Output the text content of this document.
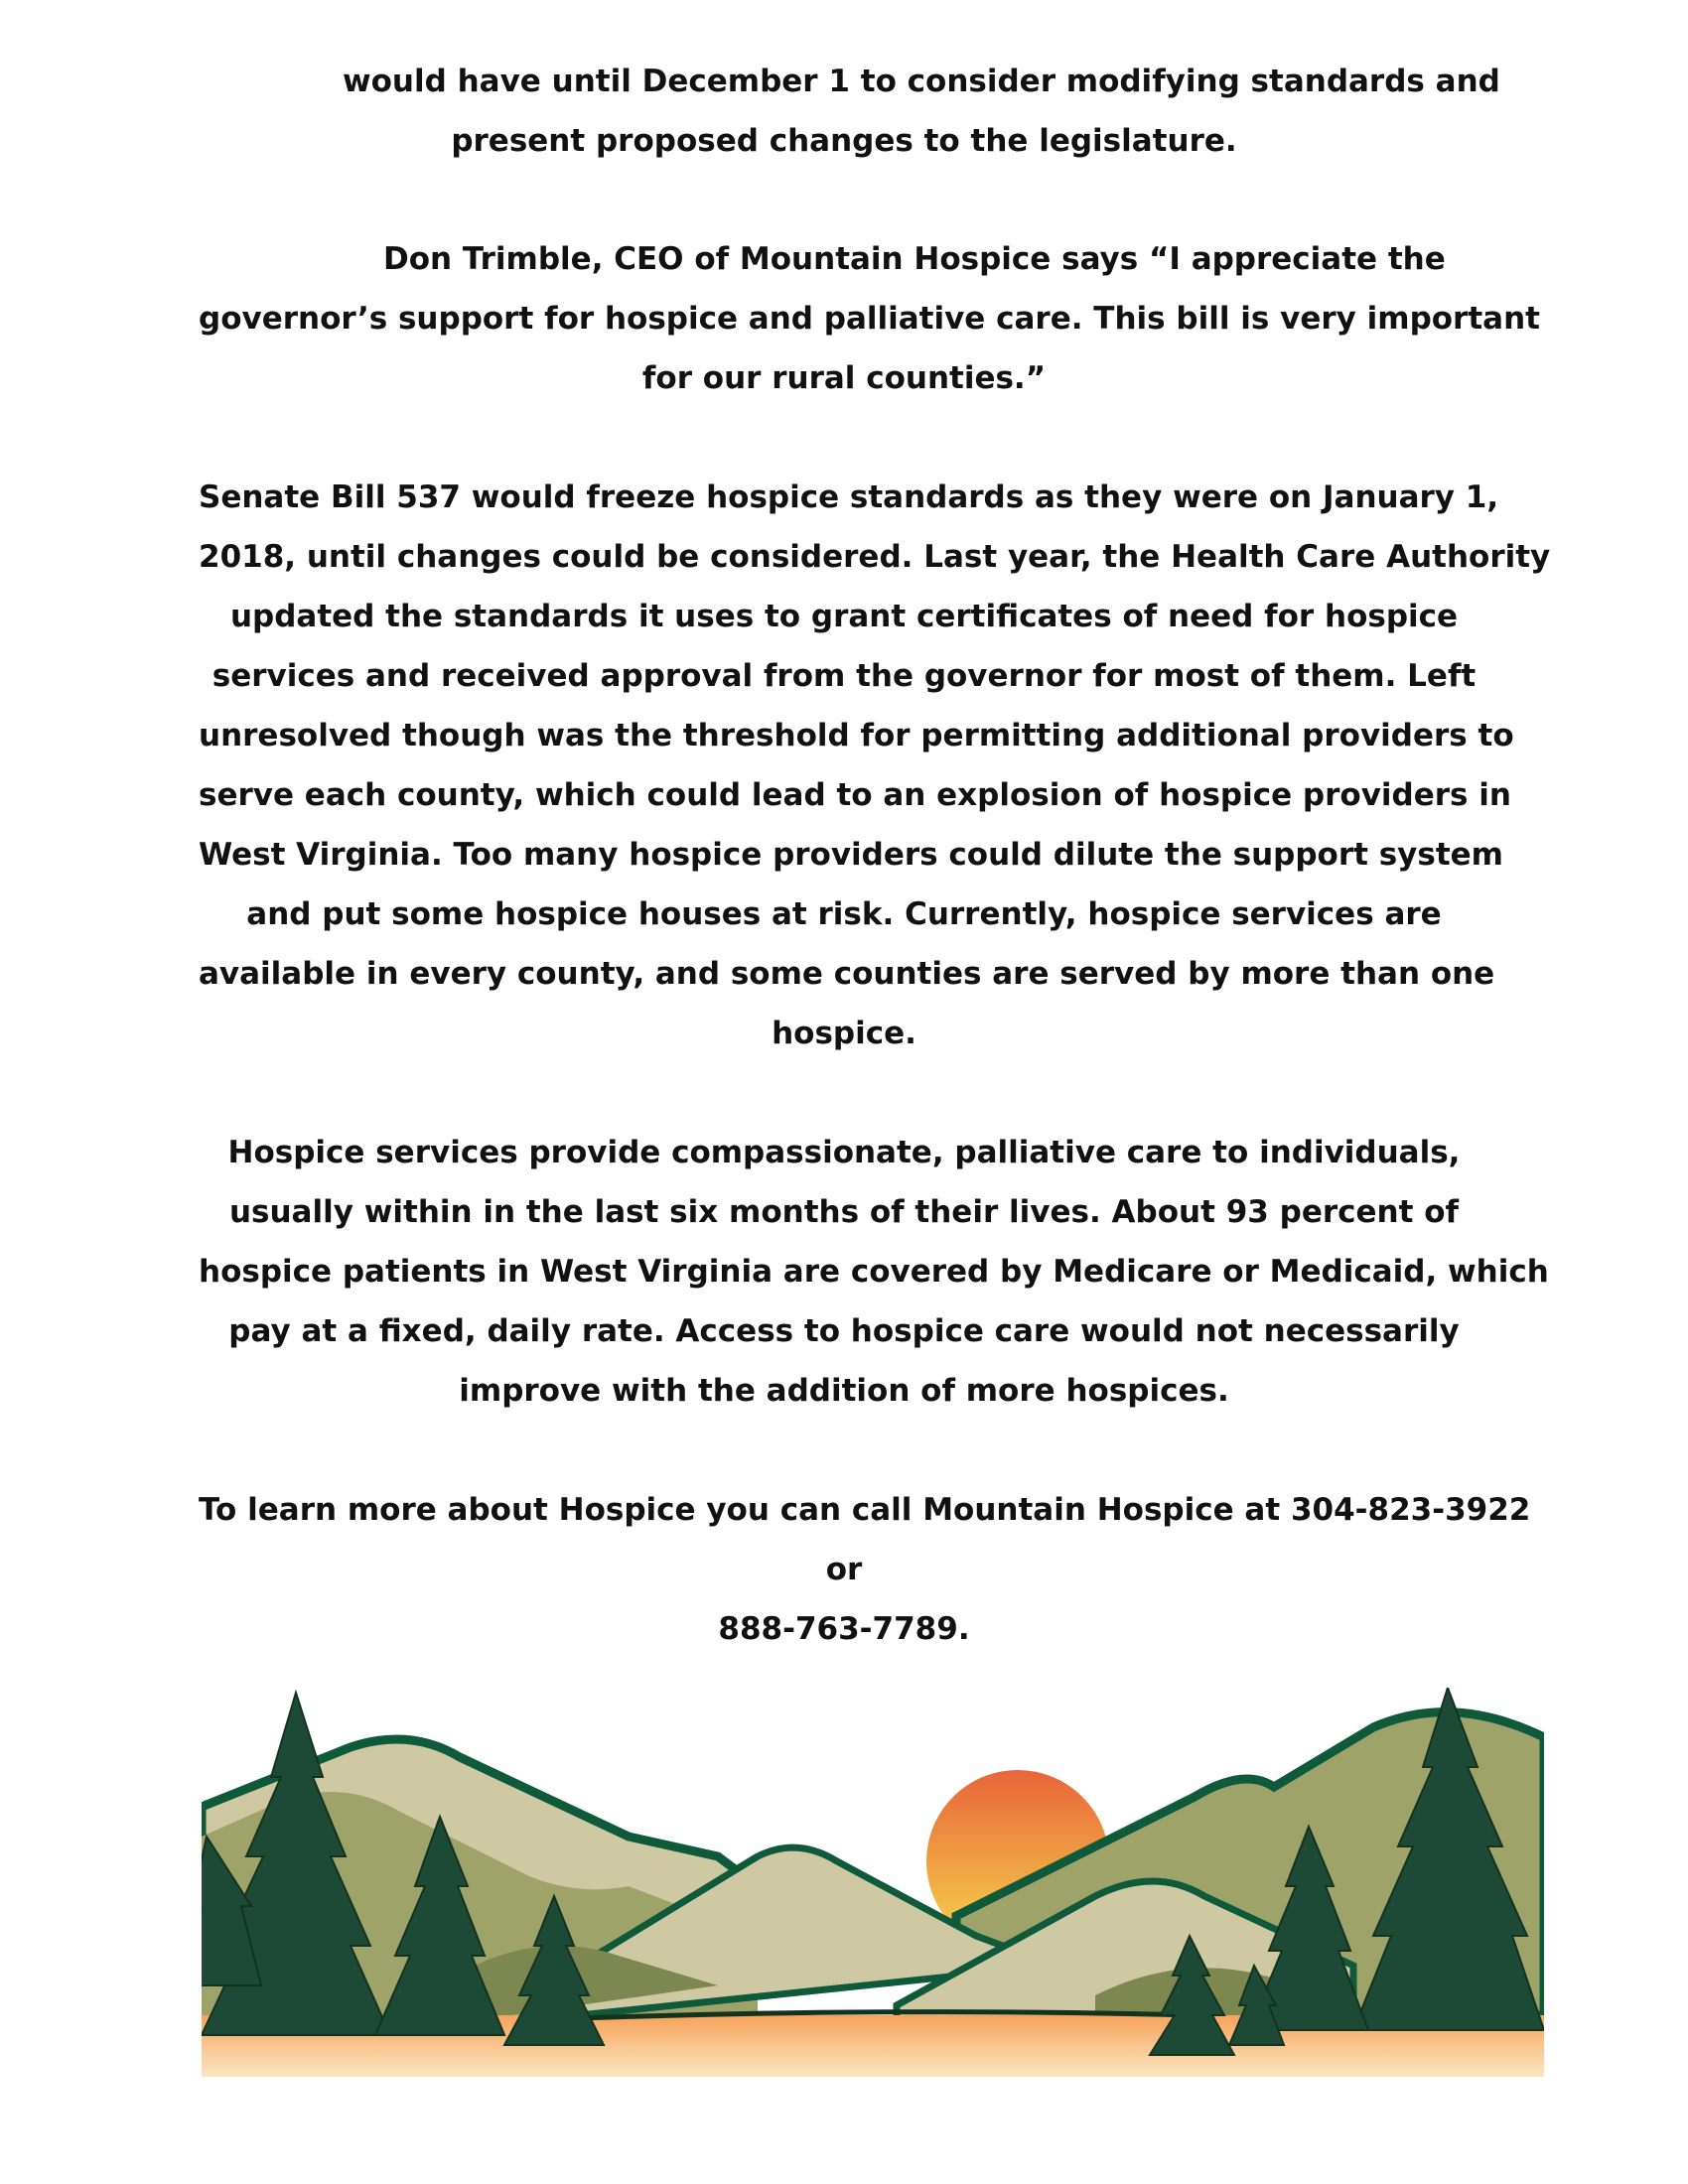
would have until December 1 to consider modifying standards and
present proposed changes to the legislature.

Don Trimble, CEO of Mountain Hospice says “I appreciate the
governor’s support for hospice and palliative care. This bill is very important
for our rural counties.”

Senate Bill 537 would freeze hospice standards as they were on January 1,
2018, until changes could be considered. Last year, the Health Care Authority
updated the standards it uses to grant certificates of need for hospice
services and received approval from the governor for most of them. Left
unresolved though was the threshold for permitting additional providers to
serve each county, which could lead to an explosion of hospice providers in
West Virginia. Too many hospice providers could dilute the support system
and put some hospice houses at risk. Currently, hospice services are
available in every county, and some counties are served by more than one
hospice.

Hospice services provide compassionate, palliative care to individuals,
usually within in the last six months of their lives. About 93 percent of
hospice patients in West Virginia are covered by Medicare or Medicaid, which
pay at a fixed, daily rate. Access to hospice care would not necessarily
improve with the addition of more hospices.

To learn more about Hospice you can call Mountain Hospice at 304-823-3922
or
888-763-7789.
